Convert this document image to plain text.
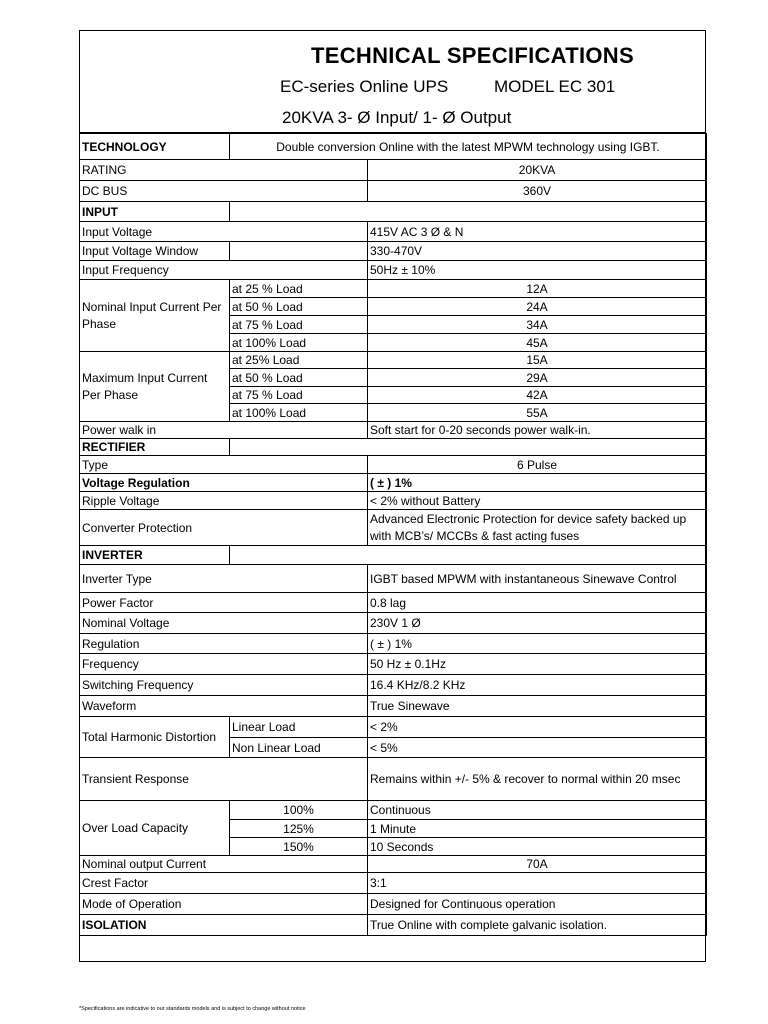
TECHNICAL SPECIFICATIONS
EC-series Online UPS	MODEL EC 301
20KVA 3- Ø Input/ 1- Ø Output
TECHNOLOGY	Double conversion Online with the latest MPWM technology using IGBT.	
RATING		20KVA
DC BUS		360V
INPUT		
Input Voltage		415V AC 3 Ø & N
Input Voltage Window		330-470V
Input Frequency		50Hz ± 10%
Nominal Input Current Per Phase	at 25 % Load	12A
	at 50 % Load	24A
	at 75 % Load	34A
	at 100% Load	45A
Maximum Input Current Per Phase	at 25% Load	15A
	at 50 % Load	29A
	at 75 % Load	42A
	at 100% Load	55A
Power walk in		Soft start for 0-20 seconds power walk-in.
RECTIFIER		
Type		6 Pulse
Voltage Regulation		( ± ) 1%
Ripple Voltage		< 2% without Battery
Converter Protection		Advanced Electronic Protection for device safety backed up with MCB’s/ MCCBs & fast acting fuses
INVERTER		
Inverter Type		IGBT based MPWM with instantaneous Sinewave Control
Power Factor		0.8 lag
Nominal Voltage		230V 1 Ø
Regulation		( ± ) 1%
Frequency		50 Hz ± 0.1Hz
Switching Frequency		16.4 KHz/8.2 KHz
Waveform		True Sinewave
Total Harmonic Distortion	Linear Load	< 2%
	Non Linear Load	< 5%
Transient Response		Remains within +/- 5% & recover to normal within 20 msec
Over Load Capacity	100%	Continuous
	125%	1 Minute
	150%	10 Seconds
Nominal output Current		70A
Crest Factor		3:1
Mode of Operation		Designed for Continuous operation
ISOLATION		True Online with complete galvanic isolation.
*Specifications are indicative to our standards models and is subject to change without notice
